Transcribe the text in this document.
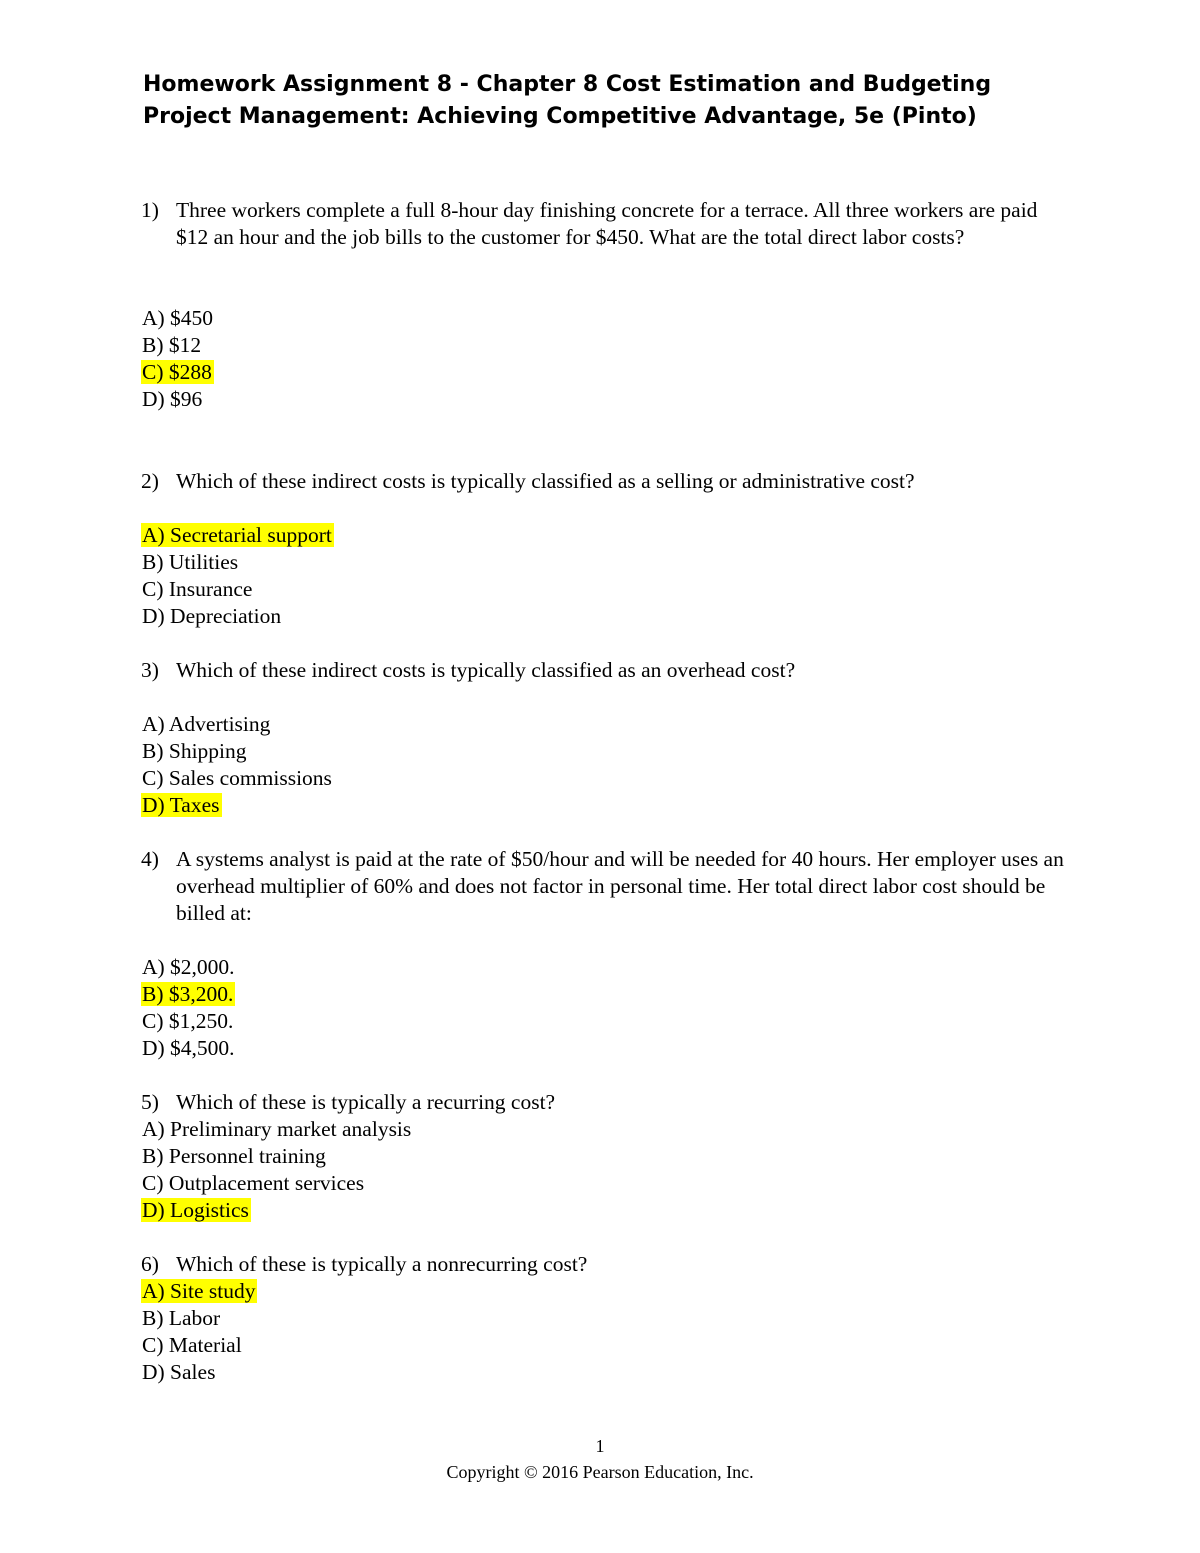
Homework Assignment 8 - Chapter 8 Cost Estimation and Budgeting
Project Management: Achieving Competitive Advantage, 5e (Pinto)
1) Three workers complete a full 8-hour day finishing concrete for a terrace. All three workers are paid $12 an hour and the job bills to the customer for $450. What are the total direct labor costs?
A) $450
B) $12
C) $288
D) $96
2) Which of these indirect costs is typically classified as a selling or administrative cost?
A) Secretarial support
B) Utilities
C) Insurance
D) Depreciation
3) Which of these indirect costs is typically classified as an overhead cost?
A) Advertising
B) Shipping
C) Sales commissions
D) Taxes
4) A systems analyst is paid at the rate of $50/hour and will be needed for 40 hours. Her employer uses an overhead multiplier of 60% and does not factor in personal time. Her total direct labor cost should be billed at:
A) $2,000.
B) $3,200.
C) $1,250.
D) $4,500.
5) Which of these is typically a recurring cost?
A) Preliminary market analysis
B) Personnel training
C) Outplacement services
D) Logistics
6) Which of these is typically a nonrecurring cost?
A) Site study
B) Labor
C) Material
D) Sales
1
Copyright © 2016 Pearson Education, Inc.
